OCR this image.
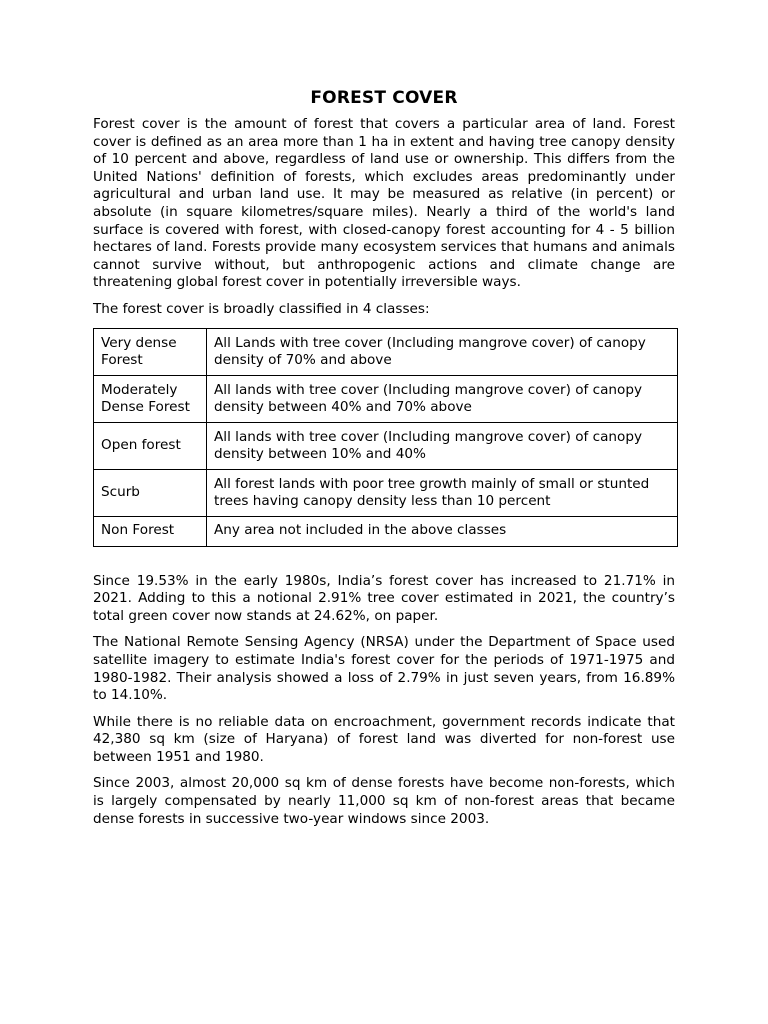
FOREST COVER

Forest cover is the amount of forest that covers a particular area of land. Forest cover is defined as an area more than 1 ha in extent and having tree canopy density of 10 percent and above, regardless of land use or ownership. This differs from the United Nations' definition of forests, which excludes areas predominantly under agricultural and urban land use. It may be measured as relative (in percent) or absolute (in square kilometres/square miles). Nearly a third of the world's land surface is covered with forest, with closed-canopy forest accounting for 4 - 5 billion hectares of land. Forests provide many ecosystem services that humans and animals cannot survive without, but anthropogenic actions and climate change are threatening global forest cover in potentially irreversible ways.

The forest cover is broadly classified in 4 classes:

Very dense Forest	All Lands with tree cover (Including mangrove cover) of canopy density of 70% and above
Moderately Dense Forest	All lands with tree cover (Including mangrove cover) of canopy density between 40% and 70% above
Open forest	All lands with tree cover (Including mangrove cover) of canopy density between 10% and 40%
Scurb	All forest lands with poor tree growth mainly of small or stunted trees having canopy density less than 10 percent
Non Forest	Any area not included in the above classes

Since 19.53% in the early 1980s, India’s forest cover has increased to 21.71% in 2021. Adding to this a notional 2.91% tree cover estimated in 2021, the country’s total green cover now stands at 24.62%, on paper.

The National Remote Sensing Agency (NRSA) under the Department of Space used satellite imagery to estimate India's forest cover for the periods of 1971-1975 and 1980-1982. Their analysis showed a loss of 2.79% in just seven years, from 16.89% to 14.10%.

While there is no reliable data on encroachment, government records indicate that 42,380 sq km (size of Haryana) of forest land was diverted for non-forest use between 1951 and 1980.

Since 2003, almost 20,000 sq km of dense forests have become non-forests, which is largely compensated by nearly 11,000 sq km of non-forest areas that became dense forests in successive two-year windows since 2003.
